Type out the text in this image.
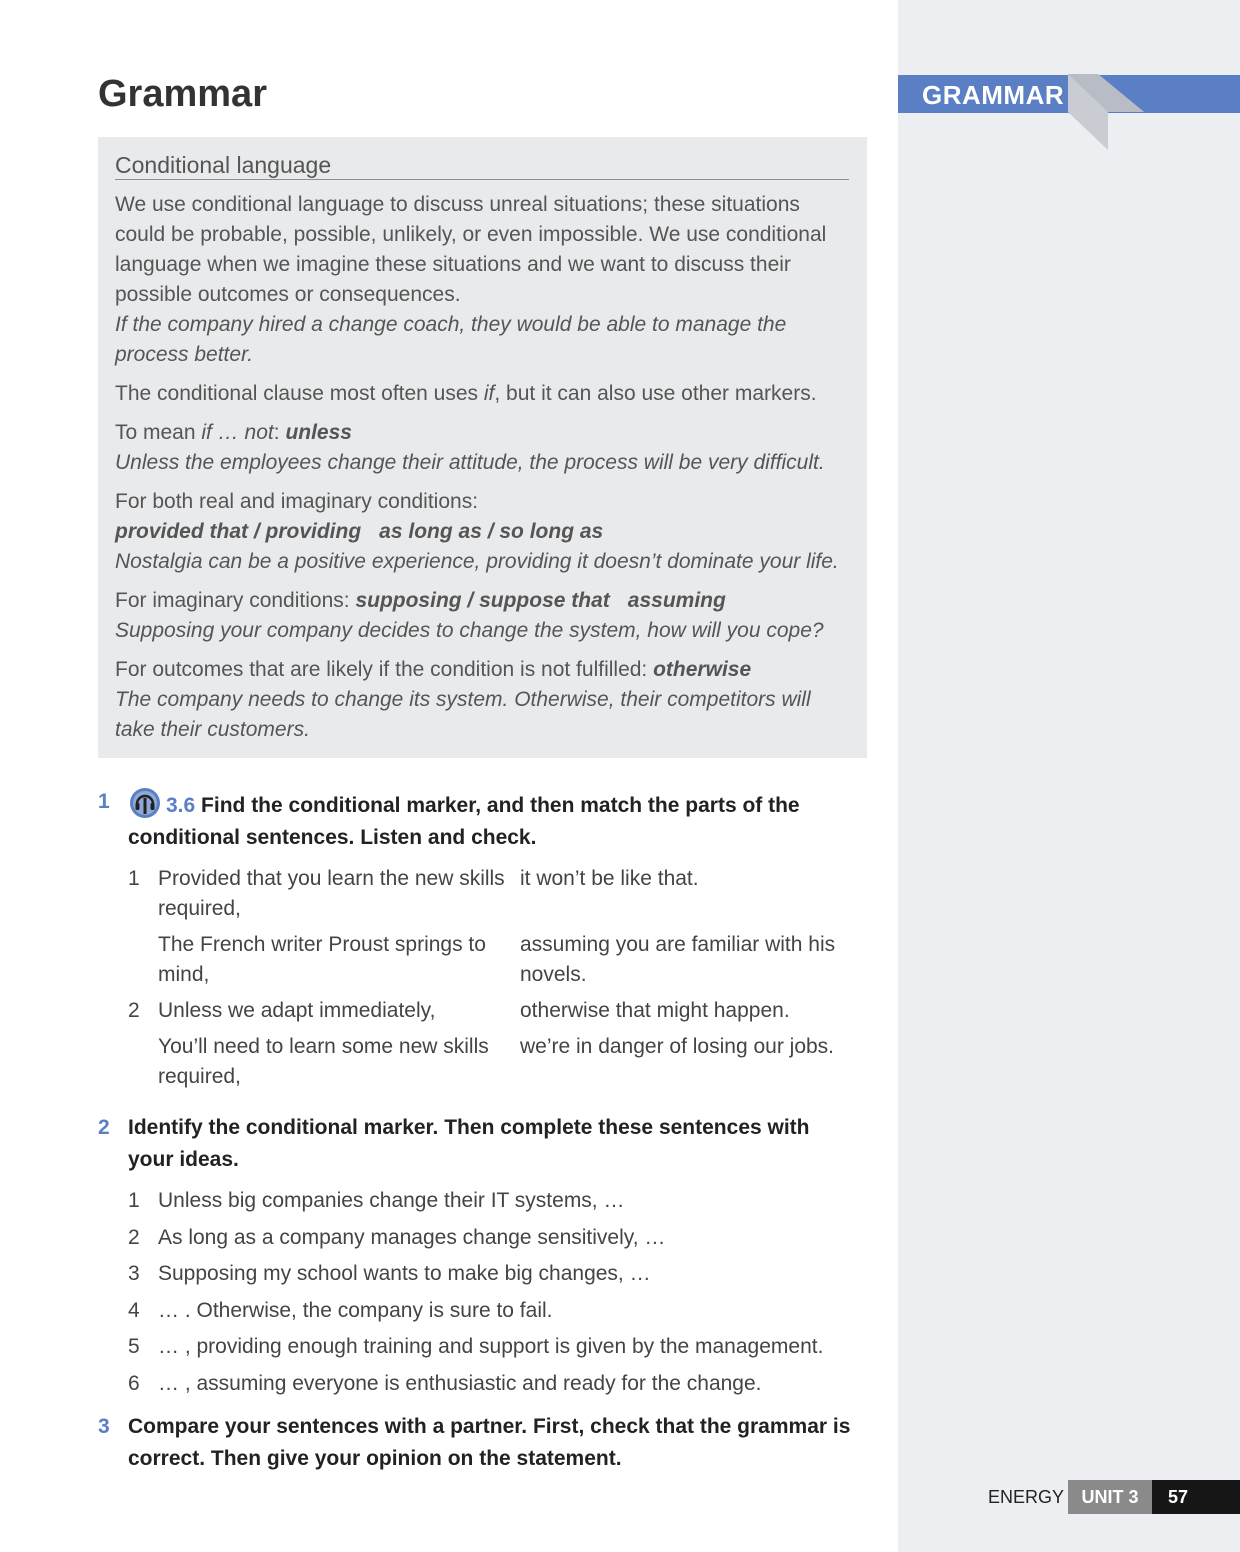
GRAMMAR
Grammar
Conditional language

We use conditional language to discuss unreal situations; these situations could be probable, possible, unlikely, or even impossible. We use conditional language when we imagine these situations and we want to discuss their possible outcomes or consequences.
If the company hired a change coach, they would be able to manage the process better.

The conditional clause most often uses if, but it can also use other markers.

To mean if … not: unless
Unless the employees change their attitude, the process will be very difficult.

For both real and imaginary conditions:
provided that / providing as long as / so long as
Nostalgia can be a positive experience, providing it doesn’t dominate your life.

For imaginary conditions: supposing / suppose that assuming
Supposing your company decides to change the system, how will you cope?

For outcomes that are likely if the condition is not fulfilled: otherwise
The company needs to change its system. Otherwise, their competitors will take their customers.

1	3.6 Find the conditional marker, and then match the parts of the conditional sentences. Listen and check.
1	Provided that you learn the new skills required,	it won’t be like that.
	The French writer Proust springs to mind,	assuming you are familiar with his novels.
2	Unless we adapt immediately,	otherwise that might happen.
	You’ll need to learn some new skills required,	we’re in danger of losing our jobs.
2 Identify the conditional marker. Then complete these sentences with your ideas.
1 Unless big companies change their IT systems, …
2 As long as a company manages change sensitively, …
3 Supposing my school wants to make big changes, …
4 … . Otherwise, the company is sure to fail.
5 … , providing enough training and support is given by the management.
6 … , assuming everyone is enthusiastic and ready for the change.
3 Compare your sentences with a partner. First, check that the grammar is correct. Then give your opinion on the statement.
UNIT 3
ENERGY	57
